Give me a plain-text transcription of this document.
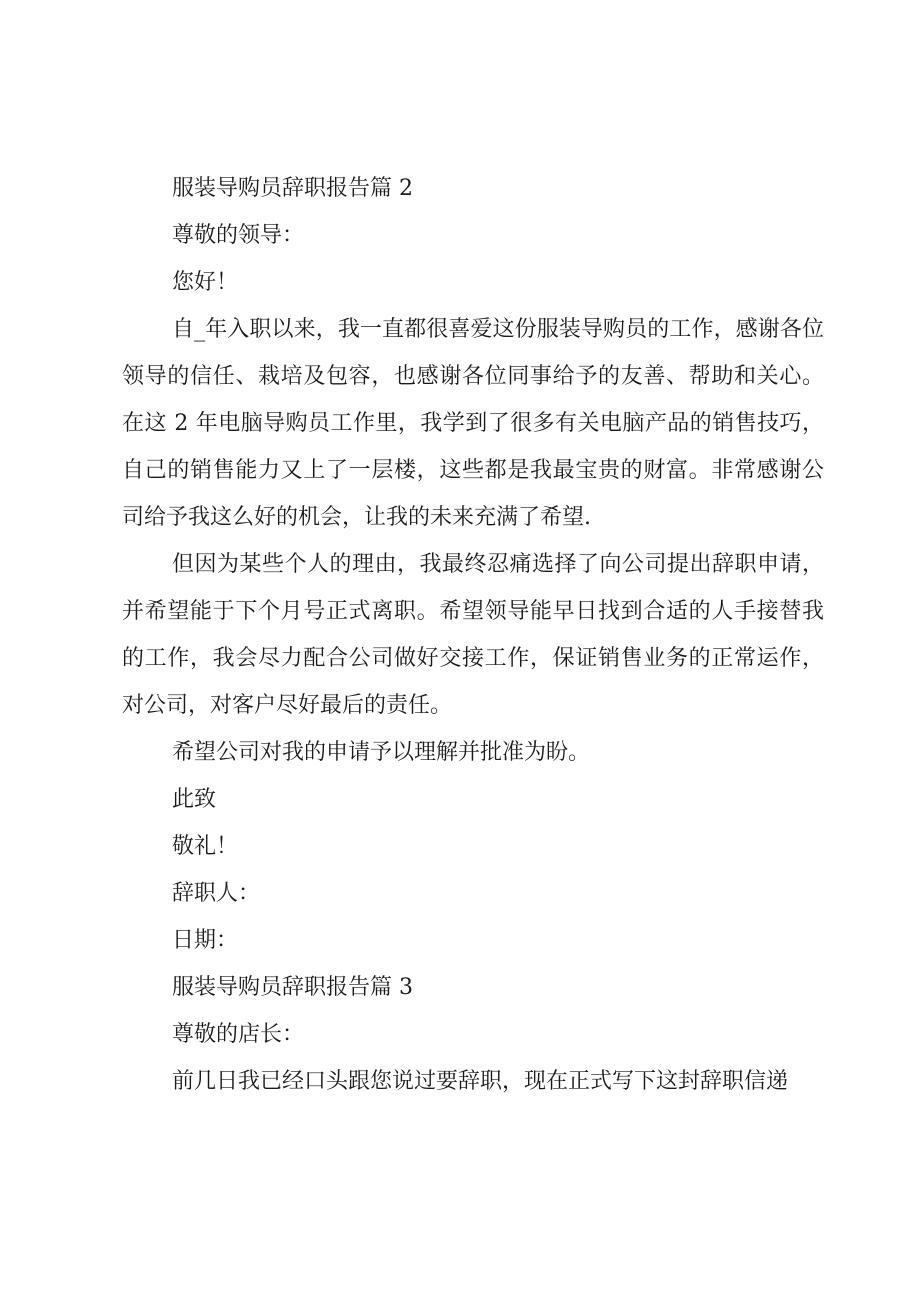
服装导购员辞职报告篇 2

尊敬的领导：

您好！

自_年入职以来，我一直都很喜爱这份服装导购员的工作，感谢各位领导的信任、栽培及包容，也感谢各位同事给予的友善、帮助和关心。在这 2 年电脑导购员工作里，我学到了很多有关电脑产品的销售技巧，自己的销售能力又上了一层楼，这些都是我最宝贵的财富。非常感谢公司给予我这么好的机会，让我的未来充满了希望.

但因为某些个人的理由，我最终忍痛选择了向公司提出辞职申请，并希望能于下个月号正式离职。希望领导能早日找到合适的人手接替我的工作，我会尽力配合公司做好交接工作，保证销售业务的正常运作，对公司，对客户尽好最后的责任。

希望公司对我的申请予以理解并批准为盼。

此致

敬礼！

辞职人：

日期：

服装导购员辞职报告篇 3

尊敬的店长：

前几日我已经口头跟您说过要辞职，现在正式写下这封辞职信递
